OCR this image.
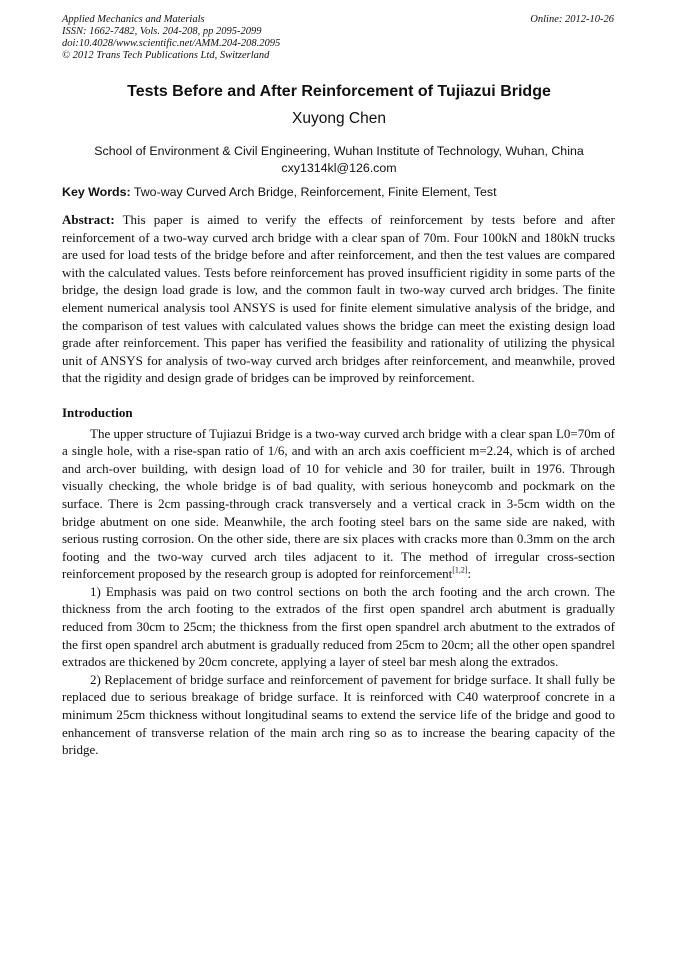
Applied Mechanics and Materials
ISSN: 1662-7482, Vols. 204-208, pp 2095-2099
doi:10.4028/www.scientific.net/AMM.204-208.2095
© 2012 Trans Tech Publications Ltd, Switzerland
Online: 2012-10-26
Tests Before and After Reinforcement of Tujiazui Bridge
Xuyong Chen
School of Environment & Civil Engineering, Wuhan Institute of Technology, Wuhan, China
cxy1314kl@126.com
Key Words: Two-way Curved Arch Bridge, Reinforcement, Finite Element, Test

Abstract: This paper is aimed to verify the effects of reinforcement by tests before and after reinforcement of a two-way curved arch bridge with a clear span of 70m. Four 100kN and 180kN trucks are used for load tests of the bridge before and after reinforcement, and then the test values are compared with the calculated values. Tests before reinforcement has proved insufficient rigidity in some parts of the bridge, the design load grade is low, and the common fault in two-way curved arch bridges. The finite element numerical analysis tool ANSYS is used for finite element simulative analysis of the bridge, and the comparison of test values with calculated values shows the bridge can meet the existing design load grade after reinforcement. This paper has verified the feasibility and rationality of utilizing the physical unit of ANSYS for analysis of two-way curved arch bridges after reinforcement, and meanwhile, proved that the rigidity and design grade of bridges can be improved by reinforcement.

Introduction

The upper structure of Tujiazui Bridge is a two-way curved arch bridge with a clear span L0=70m of a single hole, with a rise-span ratio of 1/6, and with an arch axis coefficient m=2.24, which is of arched and arch-over building, with design load of 10 for vehicle and 30 for trailer, built in 1976. Through visually checking, the whole bridge is of bad quality, with serious honeycomb and pockmark on the surface. There is 2cm passing-through crack transversely and a vertical crack in 3-5cm width on the bridge abutment on one side. Meanwhile, the arch footing steel bars on the same side are naked, with serious rusting corrosion. On the other side, there are six places with cracks more than 0.3mm on the arch footing and the two-way curved arch tiles adjacent to it. The method of irregular cross-section reinforcement proposed by the research group is adopted for reinforcement[1,2]:

1) Emphasis was paid on two control sections on both the arch footing and the arch crown. The thickness from the arch footing to the extrados of the first open spandrel arch abutment is gradually reduced from 30cm to 25cm; the thickness from the first open spandrel arch abutment to the extrados of the first open spandrel arch abutment is gradually reduced from 25cm to 20cm; all the other open spandrel extrados are thickened by 20cm concrete, applying a layer of steel bar mesh along the extrados.

2) Replacement of bridge surface and reinforcement of pavement for bridge surface. It shall fully be replaced due to serious breakage of bridge surface. It is reinforced with C40 waterproof concrete in a minimum 25cm thickness without longitudinal seams to extend the service life of the bridge and good to enhancement of transverse relation of the main arch ring so as to increase the bearing capacity of the bridge.
